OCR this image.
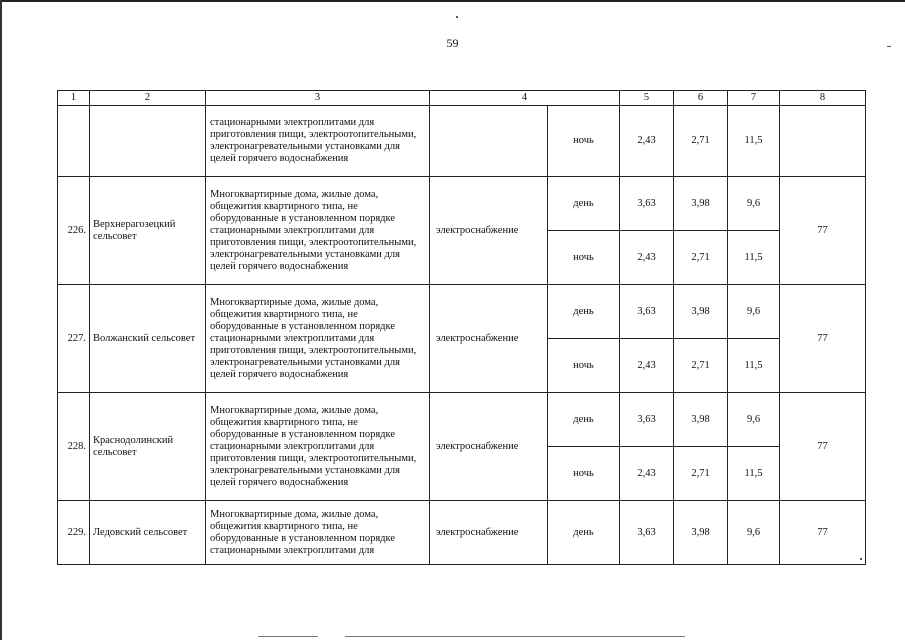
59
1	2	3	4		5	6	7	8
		стационарными электроплитами для приготовления пищи, электроотопительными, электронагревательными установками для целей горячего водоснабжения		ночь	2,43	2,71	11,5	
226.	Верхнерагозецкий сельсовет	Многоквартирные дома, жилые дома, общежития квартирного типа, не оборудованные в установленном порядке стационарными электроплитами для приготовления пищи, электроотопительными, электронагревательными установками для целей горячего водоснабжения	электроснабжение	день	3,63	3,98	9,6	77
				ночь	2,43	2,71	11,5	
227.	Волжанский сельсовет	Многоквартирные дома, жилые дома, общежития квартирного типа, не оборудованные в установленном порядке стационарными электроплитами для приготовления пищи, электроотопительными, электронагревательными установками для целей горячего водоснабжения	электроснабжение	день	3,63	3,98	9,6	77
				ночь	2,43	2,71	11,5	
228.	Краснодолинский сельсовет	Многоквартирные дома, жилые дома, общежития квартирного типа, не оборудованные в установленном порядке стационарными электроплитами для приготовления пищи, электроотопительными, электронагревательными установками для целей горячего водоснабжения	электроснабжение	день	3,63	3,98	9,6	77
				ночь	2,43	2,71	11,5	
229.	Ледовский сельсовет	Многоквартирные дома, жилые дома, общежития квартирного типа, не оборудованные в установленном порядке стационарными электроплитами для	электроснабжение	день	3,63	3,98	9,6	77
